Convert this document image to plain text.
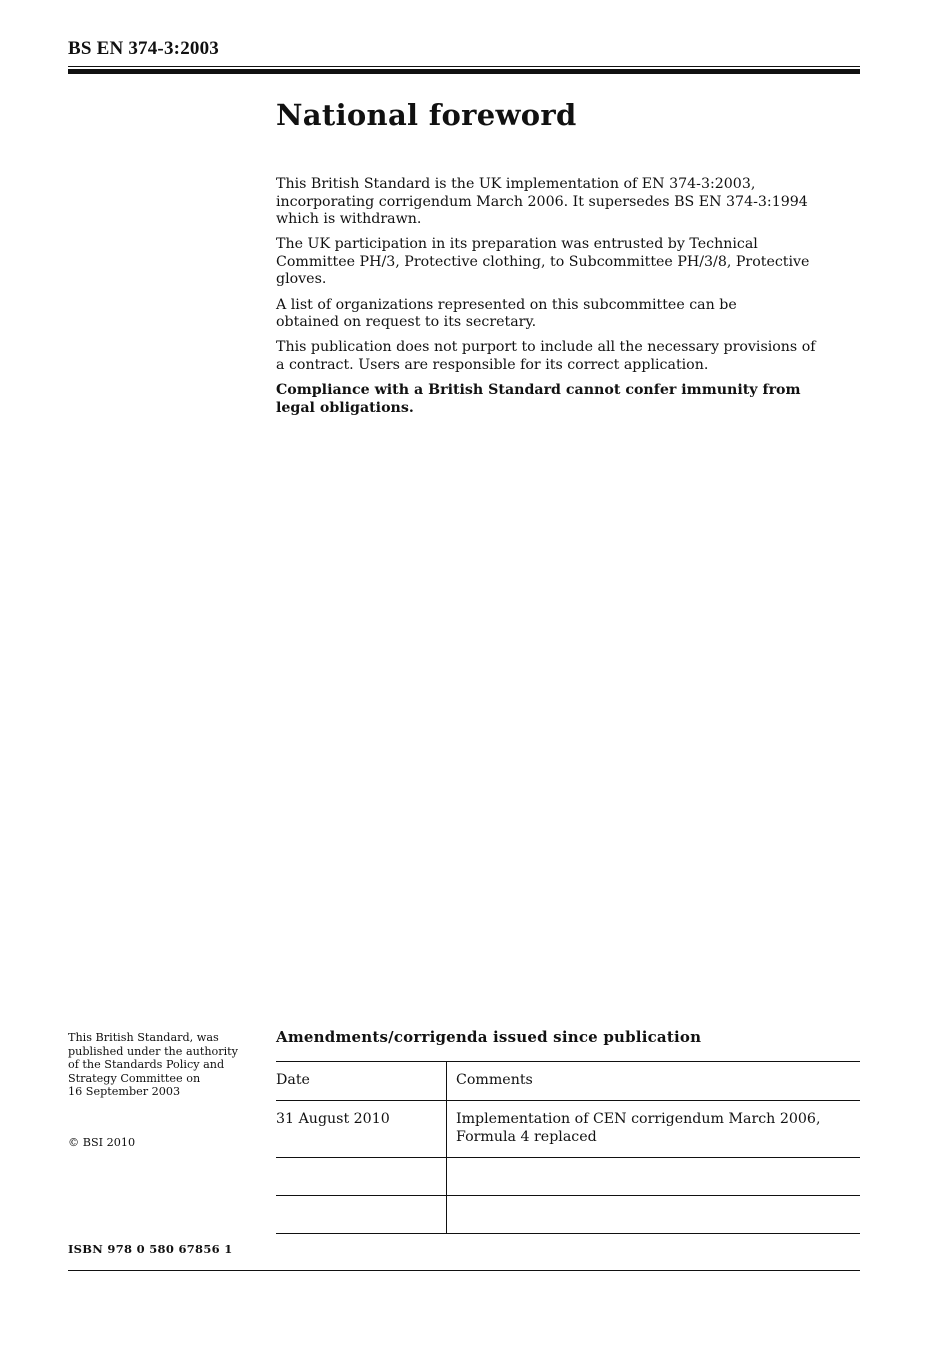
BS EN 374-3:2003
National foreword

This British Standard is the UK implementation of EN 374-3:2003,
incorporating corrigendum March 2006. It supersedes BS EN 374-3:1994
which is withdrawn.

The UK participation in its preparation was entrusted by Technical
Committee PH/3, Protective clothing, to Subcommittee PH/3/8, Protective
gloves.

A list of organizations represented on this subcommittee can be
obtained on request to its secretary.

This publication does not purport to include all the necessary provisions of
a contract. Users are responsible for its correct application.

Compliance with a British Standard cannot confer immunity from
legal obligations.

This British Standard, was
published under the authority
of the Standards Policy and
Strategy Committee on
16 September 2003
© BSI 2010
ISBN 978 0 580 67856 1
Amendments/corrigenda issued since publication
Date	Comments
31 August 2010	Implementation of CEN corrigendum March 2006,
Formula 4 replaced
